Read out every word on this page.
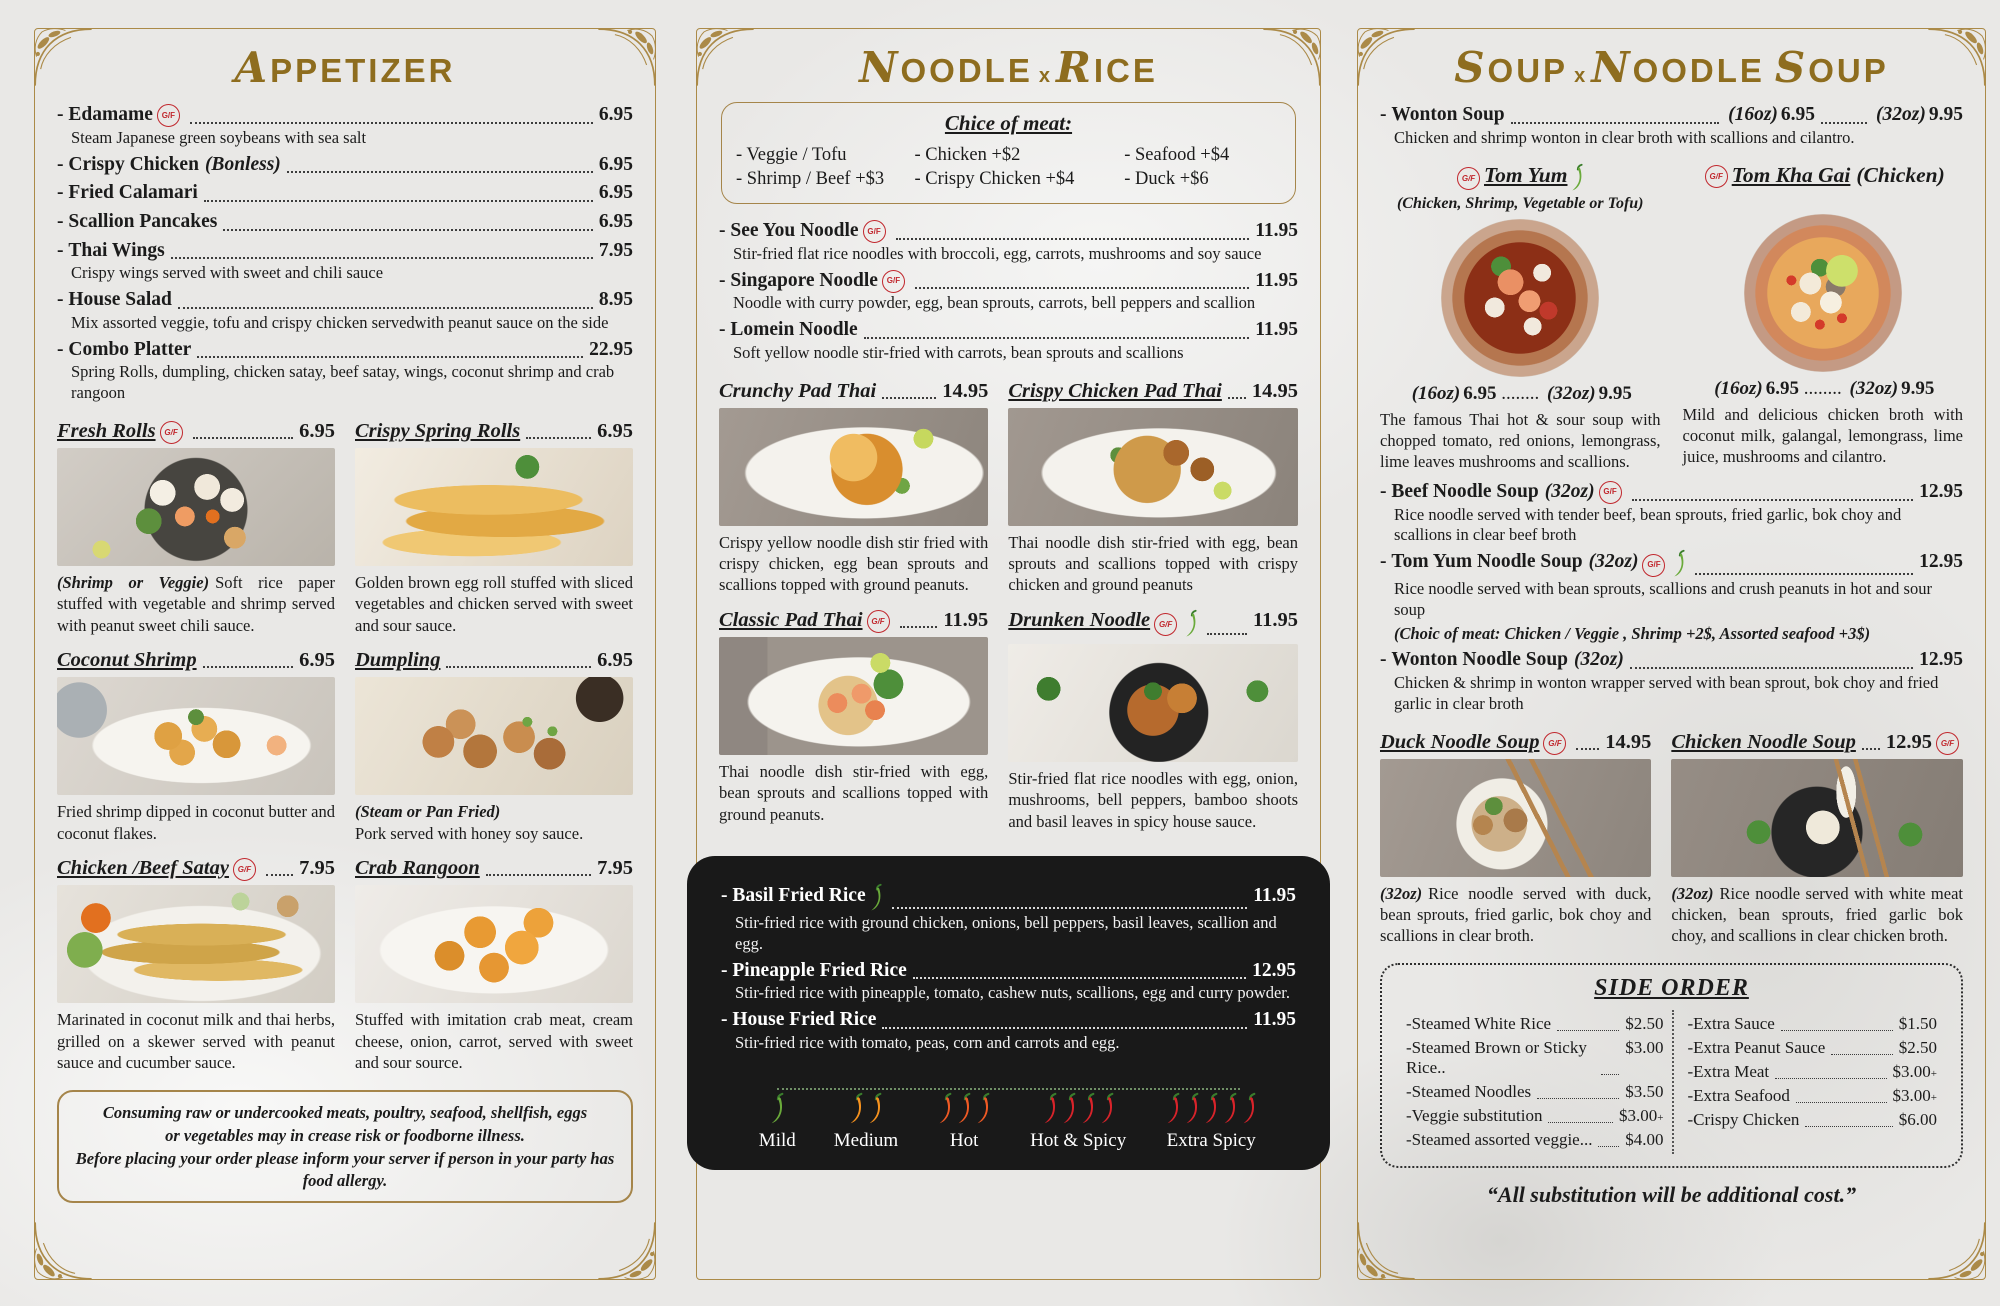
APPETIZER
- Edamame	G/F	6.95

Steam Japanese green soybeans with sea salt

- Crispy Chicken (Bonless)	6.95
- Fried Calamari	6.95
- Scallion Pancakes	6.95
- Thai Wings	7.95

Crispy wings served with sweet and chili sauce

- House Salad	8.95

Mix assorted veggie, tofu and crispy chicken servedwith peanut sauce on the side

- Combo Platter	22.95

Spring Rolls, dumpling, chicken satay, beef satay, wings, coconut shrimp and crab rangoon

Fresh Rolls	G/F	6.95

(Shrimp or Veggie) Soft rice paper stuffed with vegetable and shrimp served with peanut sweet chili sauce.

Crispy Spring Rolls	6.95

Golden brown egg roll stuffed with sliced vegetables and chicken served with sweet and sour sauce.

Coconut Shrimp	6.95

Fried shrimp dipped in coconut butter and coconut flakes.

Dumpling	6.95

(Steam or Pan Fried)
Pork served with honey soy sauce.

Chicken /Beef Satay	G/F 7.95

Marinated in coconut milk and thai herbs, grilled on a skewer served with peanut sauce and cucumber sauce.

Crab Rangoon	7.95

Stuffed with imitation crab meat, cream cheese, onion, carrot, served with sweet and sour source.

Consuming raw or undercooked meats, poultry, seafood, shellfish, eggs

or vegetables may in crease risk or foodborne illness.

Before placing your order please inform your server if person in your party has food allergy.

NOODLE x RICE
Chice of meat:

- Veggie / Tofu

- Shrimp / Beef +$3

- Chicken +$2

- Crispy Chicken +$4

- Seafood +$4

- Duck +$6

- See You Noodle	G/F	11.95

Stir-fried flat rice noodles with broccoli, egg, carrots, mushrooms and soy sauce

- Singapore Noodle	G/F	11.95

Noodle with curry powder, egg, bean sprouts, carrots, bell peppers and scallion

- Lomein Noodle	11.95

Soft yellow noodle stir-fried with carrots, bean sprouts and scallions

Crunchy Pad Thai	14.95

Crispy yellow noodle dish stir fried with crispy chicken, egg bean sprouts and scallions topped with ground peanuts.

Crispy Chicken Pad Thai 14.95

Thai noodle dish stir-fried with egg, bean sprouts and scallions topped with crispy chicken and ground peanuts

Classic Pad Thai	G/F	11.95

Thai noodle dish stir-fried with egg, bean sprouts and scallions topped with ground peanuts.

Drunken Noodle	G/F	11.95

Stir-fried flat rice noodles with egg, onion, mushrooms, bell peppers, bamboo shoots and basil leaves in spicy house sauce.

- Basil Fried Rice	11.95

Stir-fried rice with ground chicken, onions, bell peppers, basil leaves, scallion and egg.

- Pineapple Fried Rice	12.95

Stir-fried rice with pineapple, tomato, cashew nuts, scallions, egg and curry powder.

- House Fried Rice	11.95

Stir-fried rice with tomato, peas, corn and carrots and egg.

Mild Medium	Hot	Hot & Spicy Extra Spicy
SOUP x NOODLE SOUP
- Wonton Soup	(16oz) 6.95	(32oz) 9.95

Chicken and shrimp wonton in clear broth with scallions and cilantro.

G/F Tom Yum
(Chicken, Shrimp, Vegetable or Tofu)
(16oz) 6.95 ........ (32oz) 9.95

The famous Thai hot & sour soup with chopped tomato, red onions, lemongrass, lime leaves mushrooms and scallions.

G/F Tom Kha Gai (Chicken)
(16oz) 6.95 ........ (32oz) 9.95

Mild and delicious chicken broth with coconut milk, galangal, lemongrass, lime juice, mushrooms and cilantro.

- Beef Noodle Soup (32oz)	G/F	12.95

Rice noodle served with tender beef, bean sprouts, fried garlic, bok choy and scallions in clear beef broth

- Tom Yum Noodle Soup (32oz)	G/F	12.95

Rice noodle served with bean sprouts, scallions and crush peanuts in hot and sour soup

(Choic of meat: Chicken / Veggie , Shrimp +2$, Assorted seafood +3$)

- Wonton Noodle Soup (32oz)	12.95

Chicken & shrimp in wonton wrapper served with bean sprout, bok choy and fried garlic in clear broth

Duck Noodle Soup	G/F 14.95

(32oz) Rice noodle served with duck, bean sprouts, fried garlic, bok choy and scallions in clear broth.

Chicken Noodle Soup 12.95	G/F

(32oz) Rice noodle served with white meat chicken, bean sprouts, fried garlic bok choy, and scallions in clear chicken broth.

SIDE ORDER
-Steamed White Rice	$2.50
-Steamed Brown or Sticky Rice..
$3.00
-Steamed Noodles	$3.50
-Veggie substitution	$3.00 +
-Steamed assorted veggie... $4.00
-Extra Sauce	$1.50
-Extra Peanut Sauce	$2.50
-Extra Meat	$3.00 +
-Extra Seafood	$3.00 +
-Crispy Chicken	$6.00
“All substitution will be additional cost.”
